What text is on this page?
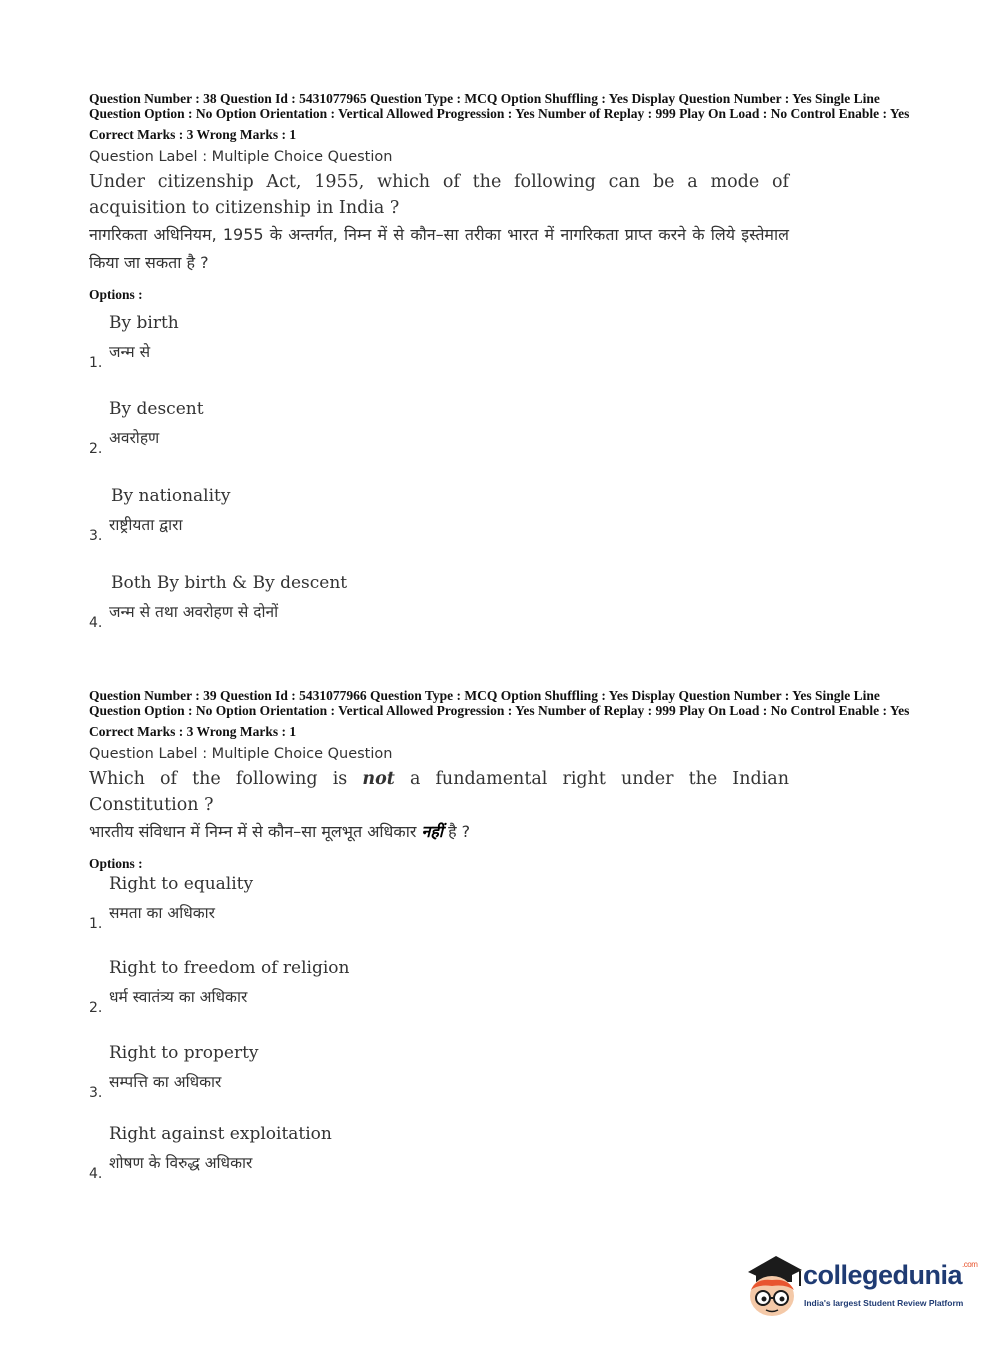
Question Number : 38 Question Id : 5431077965 Question Type : MCQ Option Shuffling : Yes Display Question Number : Yes Single Line Question Option : No Option Orientation : Vertical Allowed Progression : Yes Number of Replay : 999 Play On Load : No Control Enable : Yes
Correct Marks : 3 Wrong Marks : 1
Question Label : Multiple Choice Question
Under citizenship Act, 1955, which of the following can be a mode of acquisition to citizenship in India ?
नागरिकता अधिनियम, 1955 के अन्तर्गत, निम्न में से कौन–सा तरीका भारत में नागरिकता प्राप्त करने के लिये इस्तेमाल किया जा सकता है ?
Options :
By birth
जन्म से
1.
By descent
अवरोहण
2.
By nationality
राष्ट्रीयता द्वारा
3.
Both By birth & By descent
जन्म से तथा अवरोहण से दोनों
4.
Question Number : 39 Question Id : 5431077966 Question Type : MCQ Option Shuffling : Yes Display Question Number : Yes Single Line Question Option : No Option Orientation : Vertical Allowed Progression : Yes Number of Replay : 999 Play On Load : No Control Enable : Yes
Correct Marks : 3 Wrong Marks : 1
Question Label : Multiple Choice Question
Which of the following is not a fundamental right under the Indian Constitution ?
भारतीय संविधान में निम्न में से कौन–सा मूलभूत अधिकार नहीं है ?
Options :
Right to equality
समता का अधिकार
1.
Right to freedom of religion
धर्म स्वातंत्र्य का अधिकार
2.
Right to property
सम्पत्ति का अधिकार
3.
Right against exploitation
शोषण के विरुद्ध अधिकार
4.
collegedunia$^{.com}$
India's largest Student Review Platform
